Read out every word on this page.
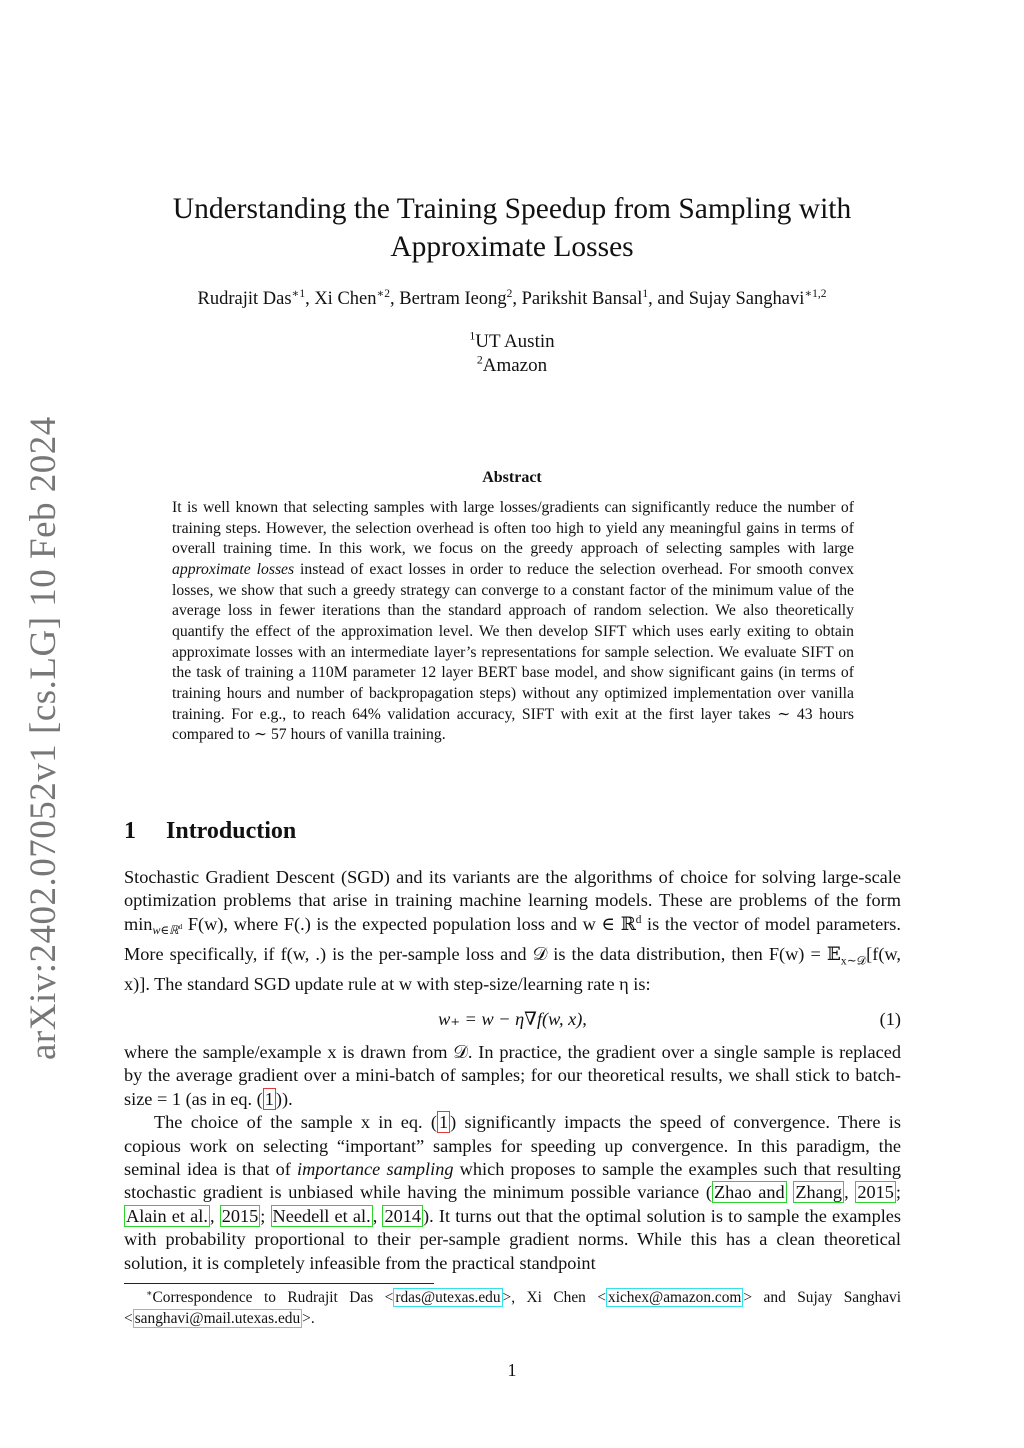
arXiv:2402.07052v1 [cs.LG] 10 Feb 2024
Understanding the Training Speedup from Sampling with
Approximate Losses
Rudrajit Das$^{∗1}$, Xi Chen$^{∗2}$, Bertram Ieong$^2$, Parikshit Bansal$^1$, and Sujay Sanghavi$^{∗1,2}$
$^1$UT Austin
$^2$Amazon
Abstract
It is well known that selecting samples with large losses/gradients can significantly reduce the number of training steps. However, the selection overhead is often too high to yield any meaningful gains in terms of overall training time. In this work, we focus on the greedy approach of selecting samples with large approximate losses instead of exact losses in order to reduce the selection overhead. For smooth convex losses, we show that such a greedy strategy can converge to a constant factor of the minimum value of the average loss in fewer iterations than the standard approach of random selection. We also theoretically quantify the effect of the approximation level. We then develop SIFT which uses early exiting to obtain approximate losses with an intermediate layer’s representations for sample selection. We evaluate SIFT on the task of training a 110M parameter 12 layer BERT base model, and show significant gains (in terms of training hours and number of backpropagation steps) without any optimized implementation over vanilla training. For e.g., to reach 64% validation accuracy, SIFT with exit at the first layer takes ∼ 43 hours compared to ∼ 57 hours of vanilla training.
1 Introduction
Stochastic Gradient Descent (SGD) and its variants are the algorithms of choice for solving large-scale optimization problems that arise in training machine learning models. These are problems of the form $\min_{w\in ℝ^d} F(w)$, where F(.) is the expected population loss and w ∈ ℝ$^d$ is the vector of model parameters. More specifically, if f(w, .) is the per-sample loss and 𝒟 is the data distribution, then F(w) = 𝔼$_{x\sim 𝒟}$[f(w, x)]. The standard SGD update rule at w with step-size/learning rate η is:
w₊ = w − η∇f(w, x),	(1)
where the sample/example x is drawn from 𝒟. In practice, the gradient over a single sample is replaced by the average gradient over a mini-batch of samples; for our theoretical results, we shall stick to batch-size = 1 (as in eq. ( 1 )).
The choice of the sample x in eq. ( 1 ) significantly impacts the speed of convergence. There is copious work on selecting “important” samples for speeding up convergence. In this paradigm, the seminal idea is that of importance sampling which proposes to sample the examples such that resulting stochastic gradient is unbiased while having the minimum possible variance ( Zhao and Zhang , 2015 ; Alain et al. , 2015 ; Needell et al. , 2014 ). It turns out that the optimal solution is to sample the examples with probability proportional to their per-sample gradient norms. While this has a clean theoretical solution, it is completely infeasible from the practical standpoint
∗Correspondence to Rudrajit Das < rdas@utexas.edu >, Xi Chen < xichex@amazon.com > and Sujay Sanghavi < sanghavi@mail.utexas.edu >.
1
